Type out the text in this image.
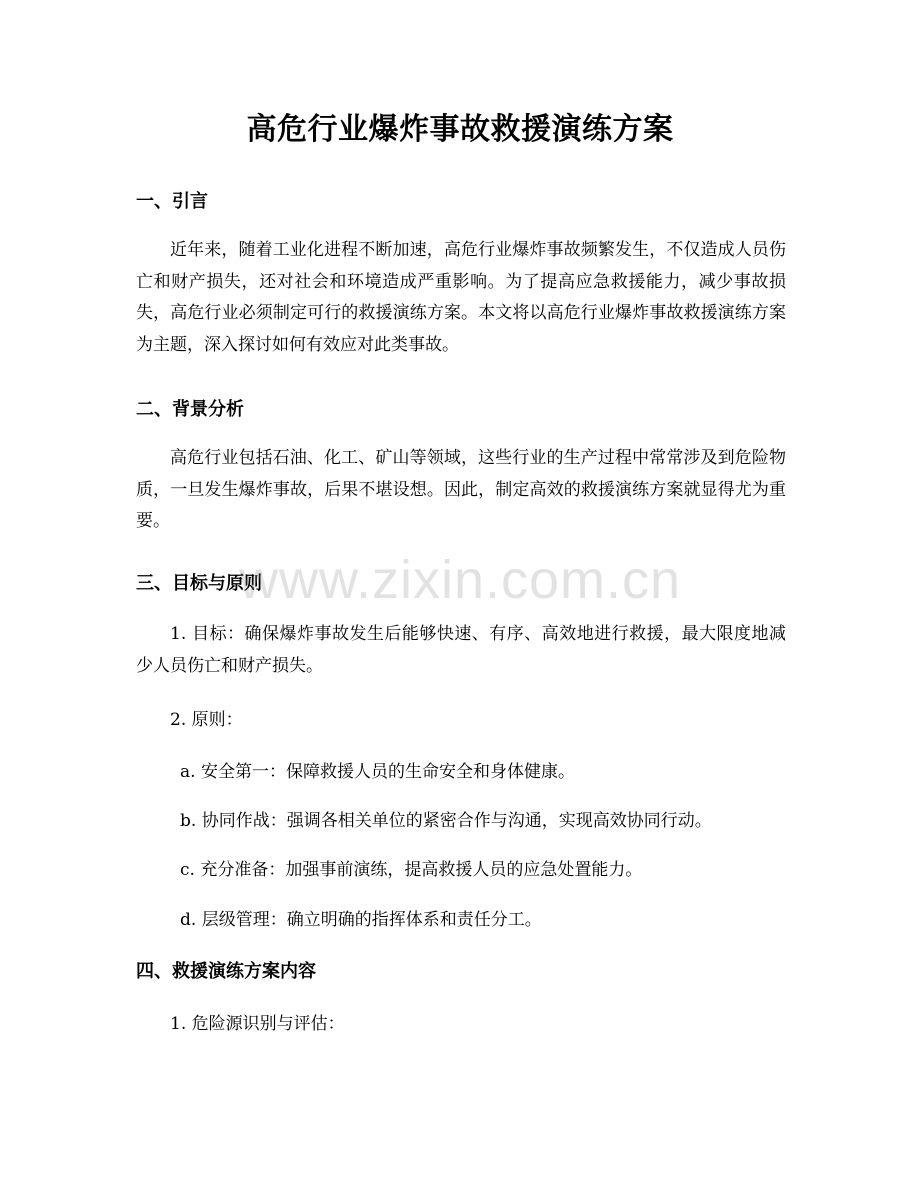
高危行业爆炸事故救援演练方案
一、引言
近年来，随着工业化进程不断加速，高危行业爆炸事故频繁发生，不仅造成人员伤亡和财产损失，还对社会和环境造成严重影响。为了提高应急救援能力，减少事故损失，高危行业必须制定可行的救援演练方案。本文将以高危行业爆炸事故救援演练方案为主题，深入探讨如何有效应对此类事故。
二、背景分析
高危行业包括石油、化工、矿山等领域，这些行业的生产过程中常常涉及到危险物质，一旦发生爆炸事故，后果不堪设想。因此，制定高效的救援演练方案就显得尤为重要。
三、目标与原则
1. 目标：确保爆炸事故发生后能够快速、有序、高效地进行救援，最大限度地减少人员伤亡和财产损失。
2. 原则：
a. 安全第一：保障救援人员的生命安全和身体健康。
b. 协同作战：强调各相关单位的紧密合作与沟通，实现高效协同行动。
c. 充分准备：加强事前演练，提高救援人员的应急处置能力。
d. 层级管理：确立明确的指挥体系和责任分工。
四、救援演练方案内容
1. 危险源识别与评估：
www.zixin.com.cn
